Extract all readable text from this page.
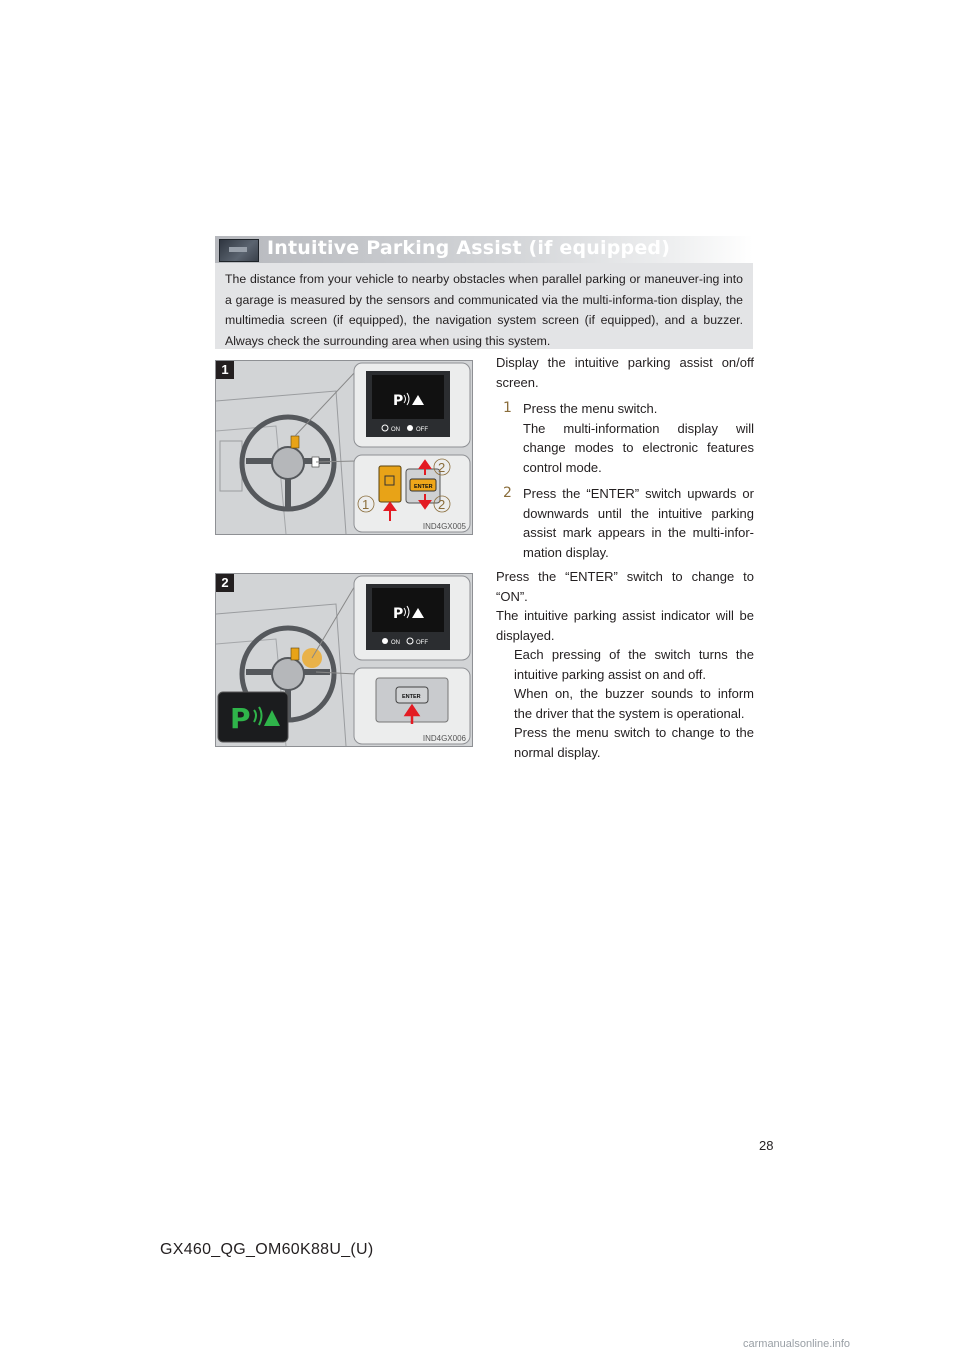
Intuitive Parking Assist (if equipped)
The distance from your vehicle to nearby obstacles when parallel parking or maneuver-ing into a garage is measured by the sensors and communicated via the multi-informa-tion display, the multimedia screen (if equipped), the navigation system screen (if equipped), and a buzzer. Always check the surrounding area when using this system.
1
P
ON	OFF
ENTER
2
1	2
IND4GX005

Display the intuitive parking assist on/off screen.

1 Press the menu switch.

The multi-information display will change modes to electronic features control mode.

2 Press the “ENTER” switch upwards or downwards until the intuitive parking assist mark appears in the multi-infor-mation display.

2
P
ON	OFF
ENTER
P
IND4GX006

Press the “ENTER” switch to change to “ON”.

The intuitive parking assist indicator will be displayed.

Each pressing of the switch turns the intuitive parking assist on and off.

When on, the buzzer sounds to inform the driver that the system is operational.

Press the menu switch to change to the normal display.

28
GX460_QG_OM60K88U_(U)
carmanualsonline.info
